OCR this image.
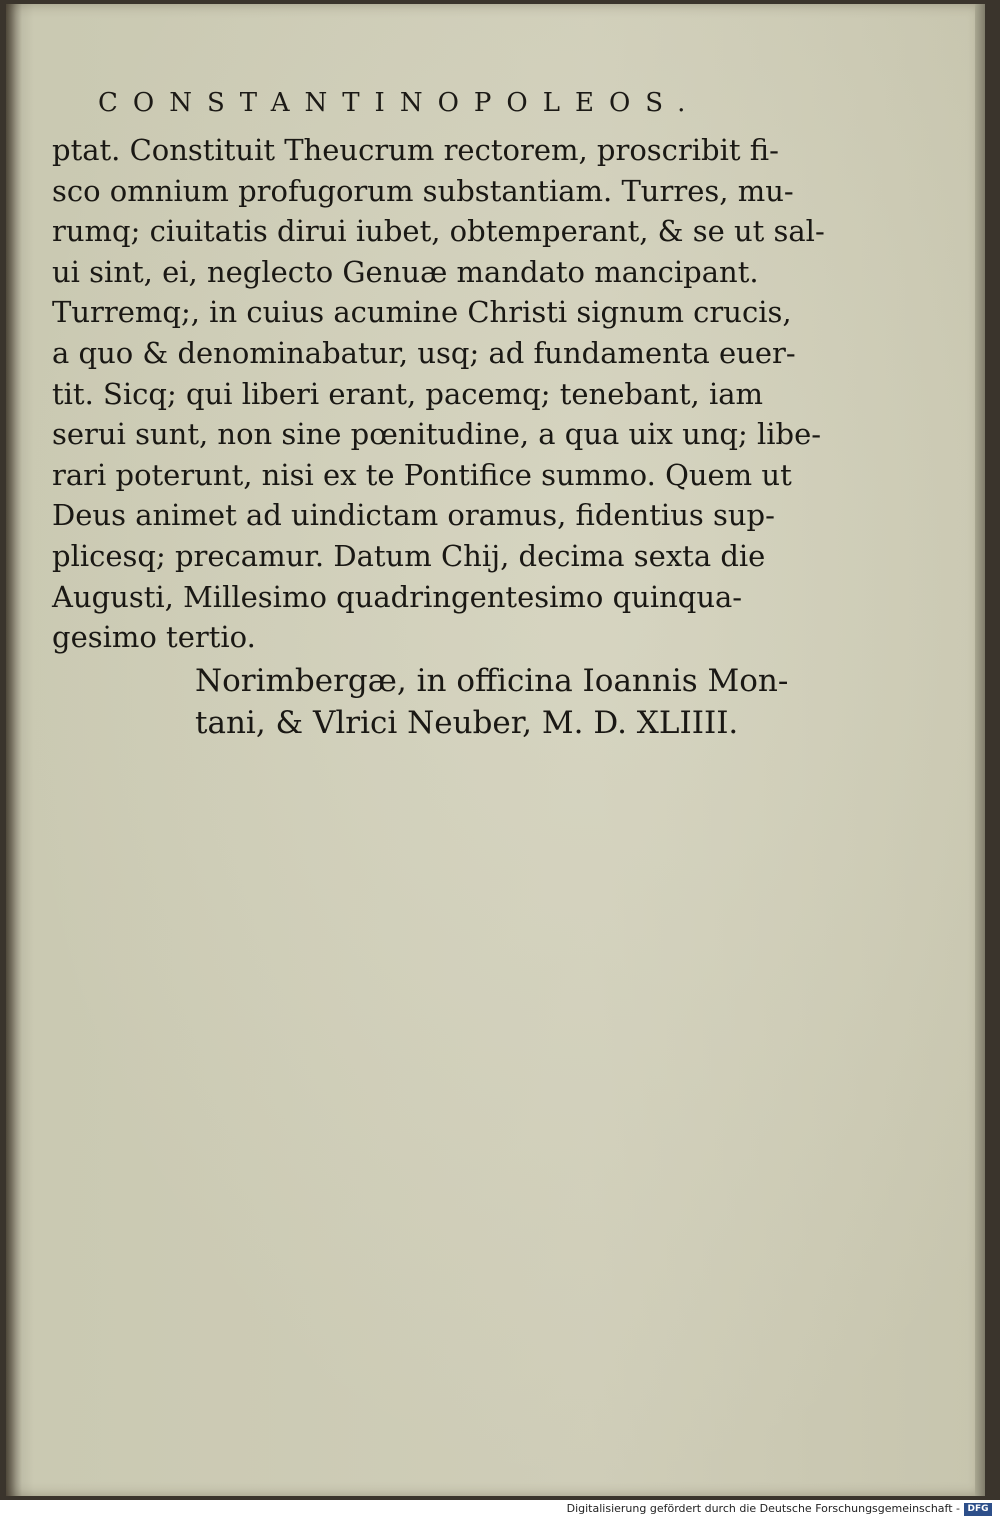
CONSTANTINOPOLEOS.
ptat. Constituit Theucrum rectorem, proscribit fi-
sco omnium profugorum substantiam. Turres, mu-
rumq; ciuitatis dirui iubet, obtemperant, & se ut sal-
ui sint, ei, neglecto Genuæ mandato mancipant.
Turremq;, in cuius acumine Christi signum crucis,
a quo & denominabatur, usq; ad fundamenta euer-
tit. Sicq; qui liberi erant, pacemq; tenebant, iam
serui sunt, non sine pœnitudine, a qua uix unq; libe-
rari poterunt, nisi ex te Pontifice summo. Quem ut
Deus animet ad uindictam oramus, fidentius sup-
plicesq; precamur. Datum Chij, decima sexta die
Augusti, Millesimo quadringentesimo quinqua-
gesimo tertio.
Norimbergæ, in officina Ioannis Mon-
tani, & Vlrici Neuber, M. D. XLIIII.
Digitalisierung gefördert durch die Deutsche Forschungsgemeinschaft - DFG
